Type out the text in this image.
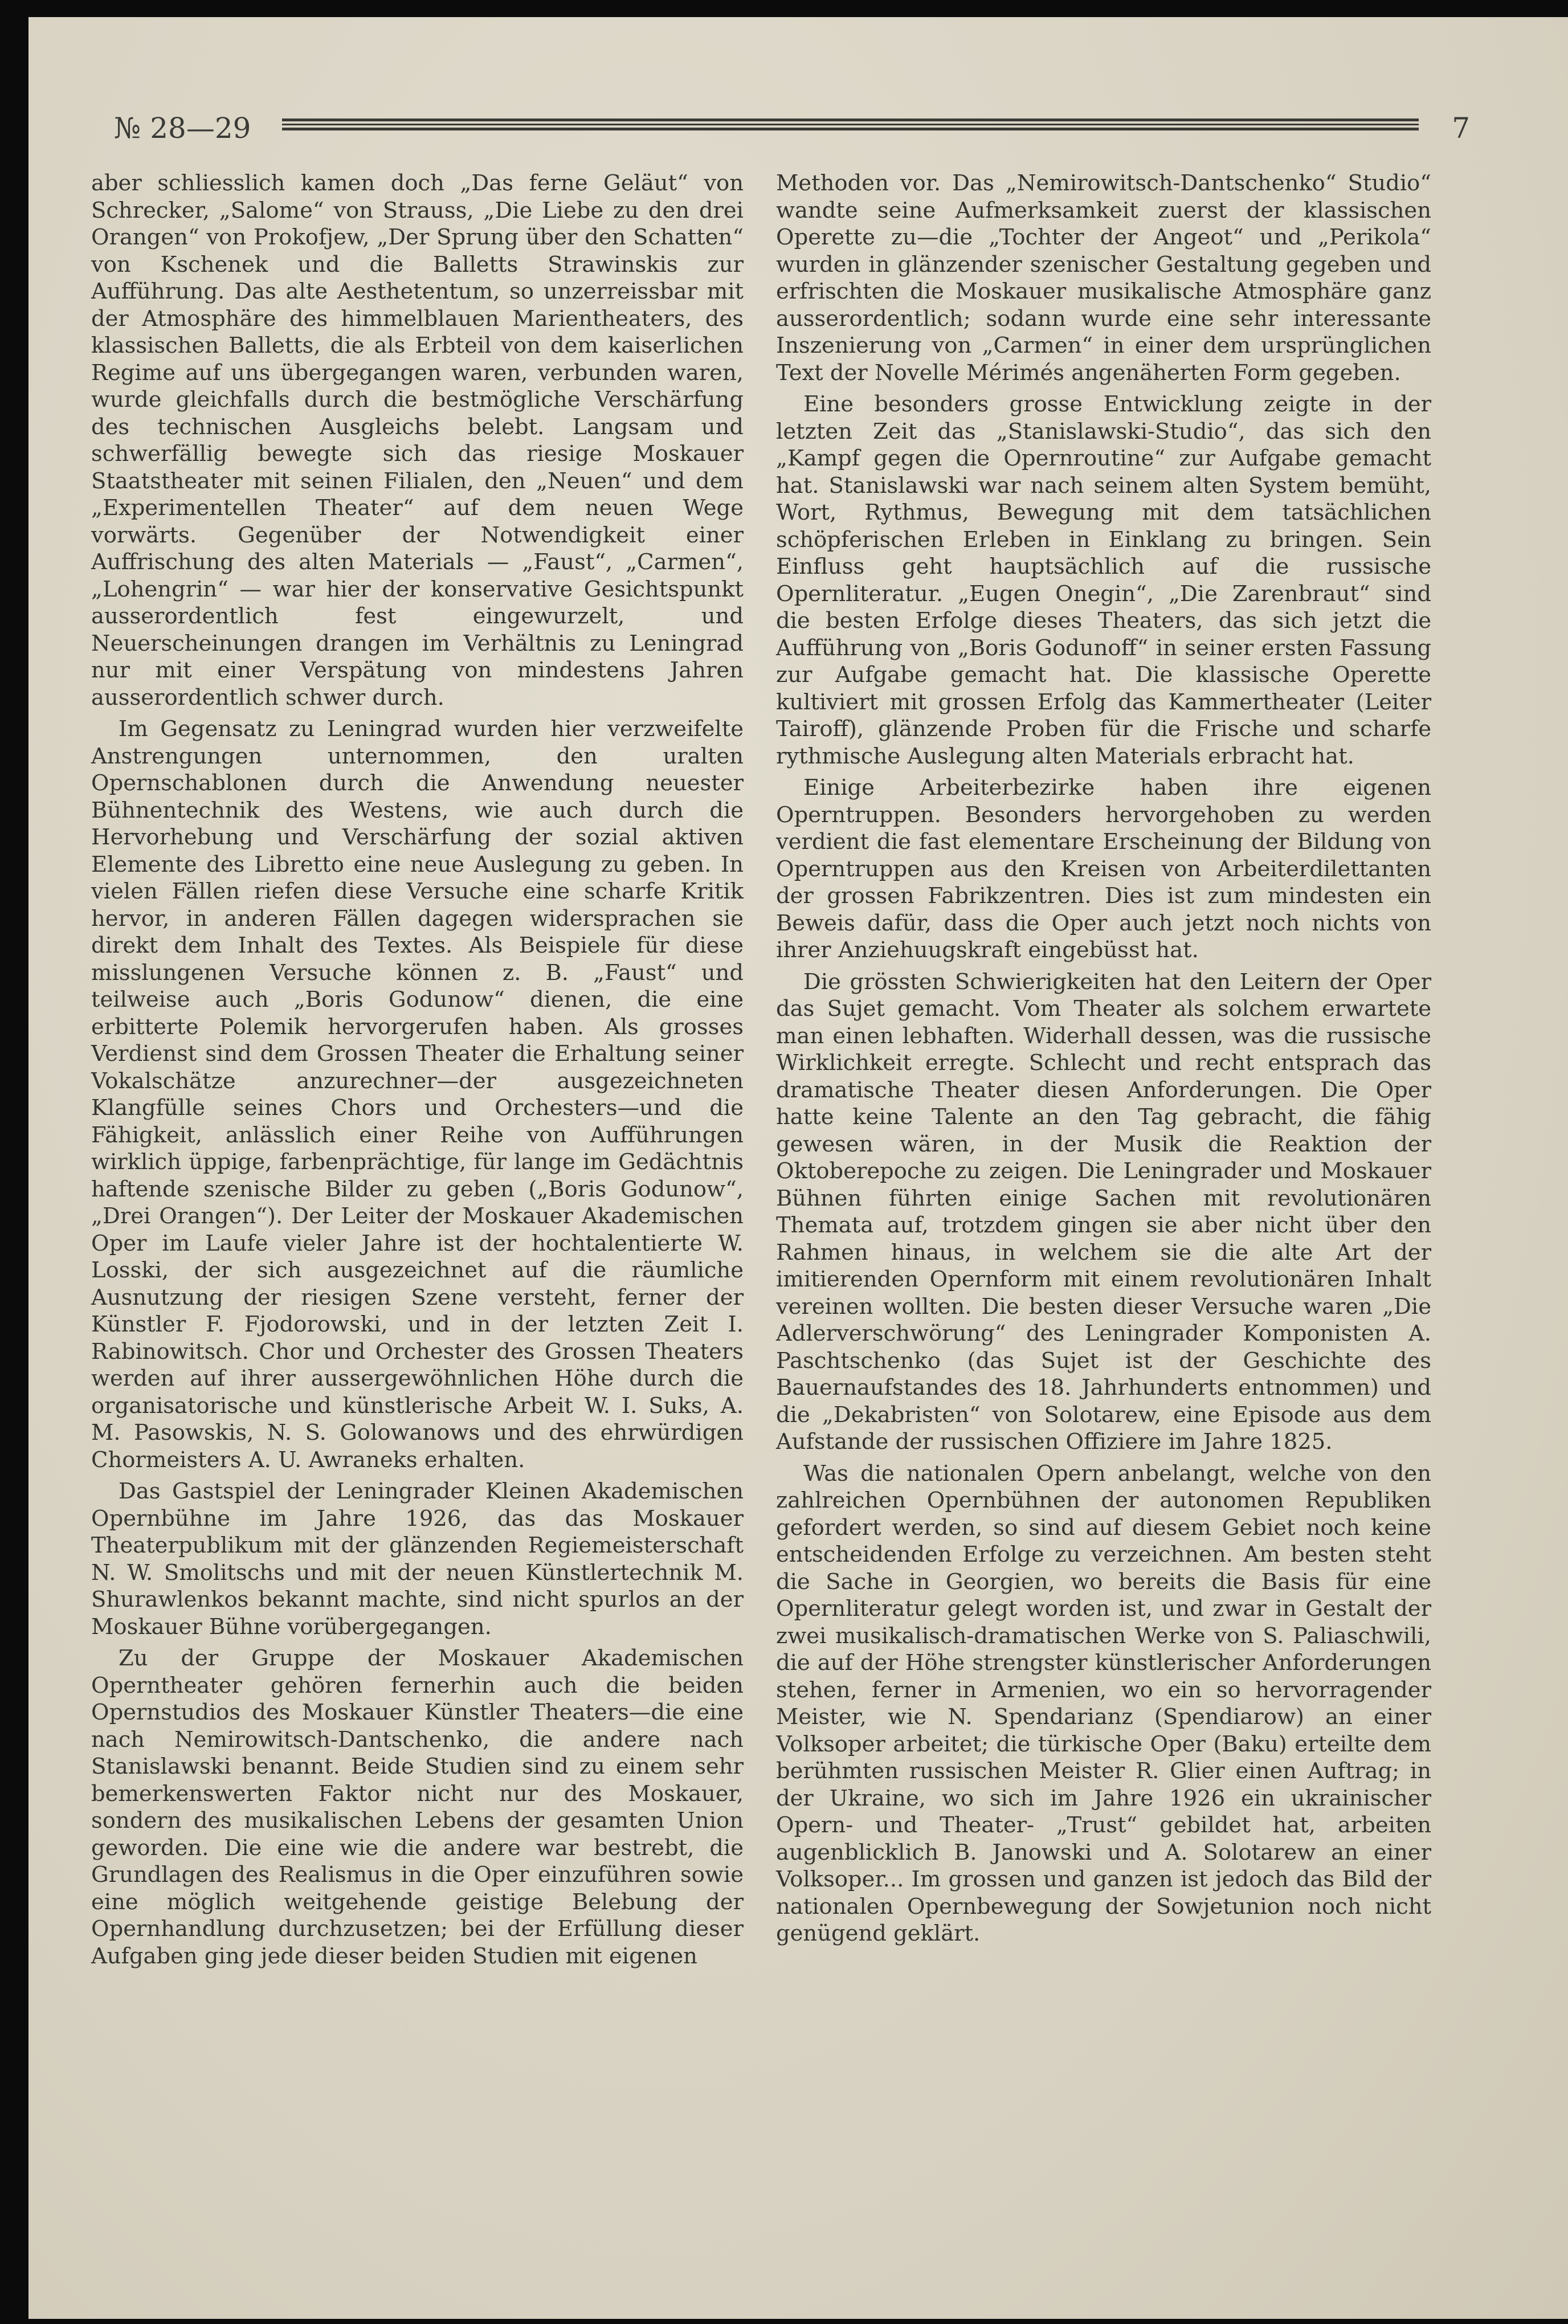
№ 28—29	7

aber schliesslich kamen doch „Das ferne Geläut“ von Schrecker, „Salome“ von Strauss, „Die Liebe zu den drei Orangen“ von Prokofjew, „Der Sprung über den Schatten“ von Kschenek und die Balletts Strawinskis zur Aufführung. Das alte Aesthetentum, so unzerreissbar mit der Atmosphäre des himmelblauen Marientheaters, des klassischen Balletts, die als Erbteil von dem kaiserlichen Regime auf uns übergegangen waren, verbunden waren, wurde gleichfalls durch die bestmögliche Verschärfung des technischen Ausgleichs belebt. Langsam und schwerfällig bewegte sich das riesige Moskauer Staatstheater mit seinen Filialen, den „Neuen“ und dem „Experimentellen Theater“ auf dem neuen Wege vorwärts. Gegenüber der Notwendigkeit einer Auffrischung des alten Materials — „Faust“, „Carmen“, „Lohengrin“ — war hier der konservative Gesichtspunkt ausserordentlich fest eingewurzelt, und Neuerscheinungen drangen im Verhältnis zu Leningrad nur mit einer Verspätung von mindestens Jahren ausserordentlich schwer durch.

Im Gegensatz zu Leningrad wurden hier verzweifelte Anstrengungen unternommen, den uralten Opernschablonen durch die Anwendung neuester Bühnentechnik des Westens, wie auch durch die Hervorhebung und Verschärfung der sozial aktiven Elemente des Libretto eine neue Auslegung zu geben. In vielen Fällen riefen diese Versuche eine scharfe Kritik hervor, in anderen Fällen dagegen widersprachen sie direkt dem Inhalt des Textes. Als Beispiele für diese misslungenen Versuche können z. B. „Faust“ und teilweise auch „Boris Godunow“ dienen, die eine erbitterte Polemik hervorgerufen haben. Als grosses Verdienst sind dem Grossen Theater die Erhaltung seiner Vokalschätze anzurechner—der ausgezeichneten Klangfülle seines Chors und Orchesters—und die Fähigkeit, anlässlich einer Reihe von Aufführungen wirklich üppige, farbenprächtige, für lange im Gedächtnis haftende szenische Bilder zu geben („Boris Godunow“,„Drei Orangen“). Der Leiter der Moskauer Akademischen Oper im Laufe vieler Jahre ist der hochtalentierte W. Losski, der sich ausgezeichnet auf die räumliche Ausnutzung der riesigen Szene versteht, ferner der Künstler F. Fjodorowski, und in der letzten Zeit I. Rabinowitsch. Chor und Orchester des Grossen Theaters werden auf ihrer aussergewöhnlichen Höhe durch die organisatorische und künstlerische Arbeit W. I. Suks, A. M. Pasowskis, N. S. Golowanows und des ehrwürdigen Chormeisters A. U. Awraneks erhalten.

Das Gastspiel der Leningrader Kleinen Akademischen Opernbühne im Jahre 1926, das das Moskauer Theaterpublikum mit der glänzenden Regiemeisterschaft N. W. Smolitschs und mit der neuen Künstlertechnik M. Shurawlenkos bekannt machte, sind nicht spurlos an der Moskauer Bühne vorübergegangen.

Zu der Gruppe der Moskauer Akademischen Operntheater gehören fernerhin auch die beiden Opernstudios des Moskauer Künstler Theaters—die eine nach Nemirowitsch-Dantschenko, die andere nach Stanislawski benannt. Beide Studien sind zu einem sehr bemerkenswerten Faktor nicht nur des Moskauer, sondern des musikalischen Lebens der gesamten Union geworden. Die eine wie die andere war bestrebt, die Grundlagen des Realismus in die Oper einzuführen sowie eine möglich weitgehende geistige Belebung der Opernhandlung durchzusetzen; bei der Erfüllung dieser Aufgaben ging jede dieser beiden Studien mit eigenen

Methoden vor. Das „Nemirowitsch-Dantschenko“ Studio“ wandte seine Aufmerksamkeit zuerst der klassischen Operette zu—die „Tochter der Angeot“ und „Perikola“ wurden in glänzender szenischer Gestaltung gegeben und erfrischten die Moskauer musikalische Atmosphäre ganz ausserordentlich; sodann wurde eine sehr interessante Inszenierung von „Carmen“ in einer dem ursprünglichen Text der Novelle Mérimés angenäherten Form gegeben.

Eine besonders grosse Entwicklung zeigte in der letzten Zeit das „Stanislawski-Studio“, das sich den „Kampf gegen die Opernroutine“ zur Aufgabe gemacht hat. Stanislawski war nach seinem alten System bemüht, Wort, Rythmus, Bewegung mit dem tatsächlichen schöpferischen Erleben in Einklang zu bringen. Sein Einfluss geht hauptsächlich auf die russische Opernliteratur. „Eugen Onegin“, „Die Zarenbraut“ sind die besten Erfolge dieses Theaters, das sich jetzt die Aufführung von „Boris Godunoff“ in seiner ersten Fassung zur Aufgabe gemacht hat. Die klassische Operette kultiviert mit grossen Erfolg das Kammertheater (Leiter Tairoff), glänzende Proben für die Frische und scharfe rythmische Auslegung alten Materials erbracht hat.

Einige Arbeiterbezirke haben ihre eigenen Operntruppen. Besonders hervorgehoben zu werden verdient die fast elementare Erscheinung der Bildung von Operntruppen aus den Kreisen von Arbeiterdilettanten der grossen Fabrikzentren. Dies ist zum mindesten ein Beweis dafür, dass die Oper auch jetzt noch nichts von ihrer Anziehuugskraft eingebüsst hat.

Die grössten Schwierigkeiten hat den Leitern der Oper das Sujet gemacht. Vom Theater als solchem erwartete man einen lebhaften. Widerhall dessen, was die russische Wirklichkeit erregte. Schlecht und recht entsprach das dramatische Theater diesen Anforderungen. Die Oper hatte keine Talente an den Tag gebracht, die fähig gewesen wären, in der Musik die Reaktion der Oktoberepoche zu zeigen. Die Leningrader und Moskauer Bühnen führten einige Sachen mit revolutionären Themata auf, trotzdem gingen sie aber nicht über den Rahmen hinaus, in welchem sie die alte Art der imitierenden Opernform mit einem revolutionären Inhalt vereinen wollten. Die besten dieser Versuche waren „Die Adlerverschwörung“ des Leningrader Komponisten A. Paschtschenko (das Sujet ist der Geschichte des Bauernaufstandes des 18. Jahrhunderts entnommen) und die „Dekabristen“ von Solotarew, eine Episode aus dem Aufstande der russischen Offiziere im Jahre 1825.

Was die nationalen Opern anbelangt, welche von den zahlreichen Opernbühnen der autonomen Republiken gefordert werden, so sind auf diesem Gebiet noch keine entscheidenden Erfolge zu verzeichnen. Am besten steht die Sache in Georgien, wo bereits die Basis für eine Opernliteratur gelegt worden ist, und zwar in Gestalt der zwei musikalisch-dramatischen Werke von S. Paliaschwili, die auf der Höhe strengster künstlerischer Anforderungen stehen, ferner in Armenien, wo ein so hervorragender Meister, wie N. Spendarianz (Spendiarow) an einer Volksoper arbeitet; die türkische Oper (Baku) erteilte dem berühmten russischen Meister R. Glier einen Auftrag; in der Ukraine, wo sich im Jahre 1926 ein ukrainischer Opern- und Theater- „Trust“ gebildet hat, arbeiten augenblicklich B. Janowski und A. Solotarew an einer Volksoper... Im grossen und ganzen ist jedoch das Bild der nationalen Opernbewegung der Sowjetunion noch nicht genügend geklärt.
